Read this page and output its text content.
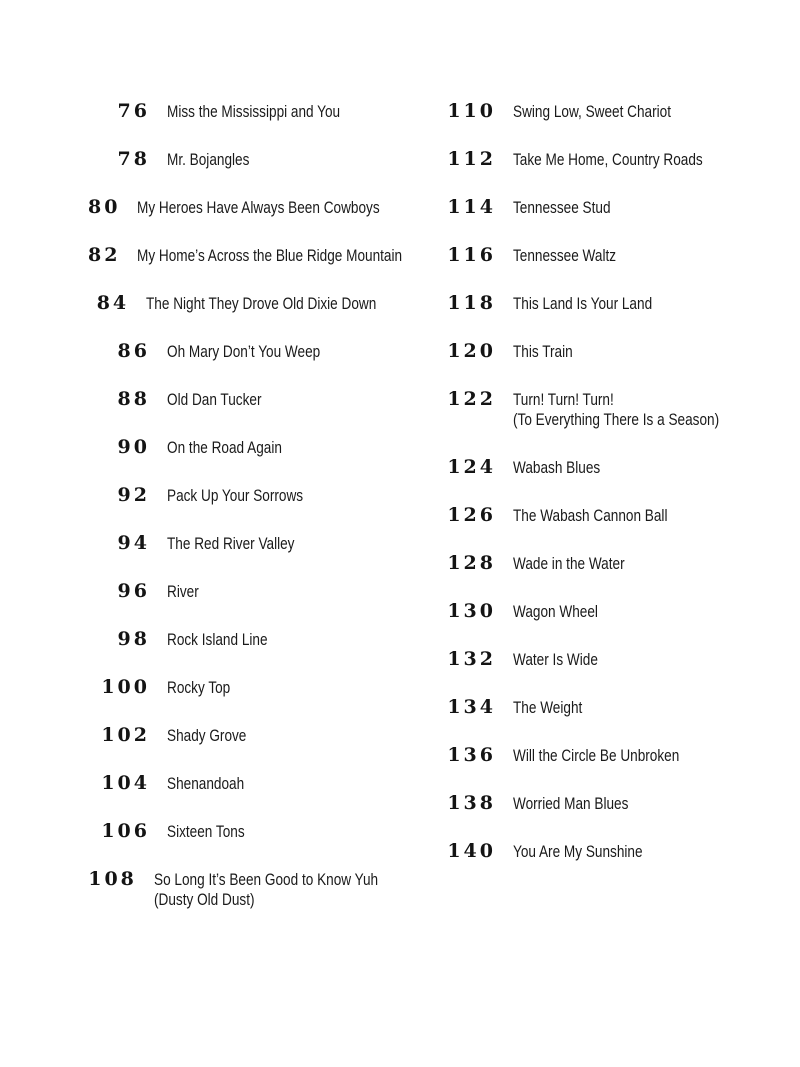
76 Miss the Mississippi and You
78 Mr. Bojangles
80 My Heroes Have Always Been Cowboys
82 My Home’s Across the Blue Ridge Mountain
84 The Night They Drove Old Dixie Down
86 Oh Mary Don’t You Weep
88 Old Dan Tucker
90 On the Road Again
92 Pack Up Your Sorrows
94 The Red River Valley
96 River
98 Rock Island Line
100 Rocky Top
102 Shady Grove
104 Shenandoah
106 Sixteen Tons
108 So Long It’s Been Good to Know Yuh
(Dusty Old Dust)
110 Swing Low, Sweet Chariot
112 Take Me Home, Country Roads
114 Tennessee Stud
116 Tennessee Waltz
118 This Land Is Your Land
120 This Train
122 Turn! Turn! Turn!
(To Everything There Is a Season)
124 Wabash Blues
126 The Wabash Cannon Ball
128 Wade in the Water
130 Wagon Wheel
132 Water Is Wide
134 The Weight
136 Will the Circle Be Unbroken
138 Worried Man Blues
140 You Are My Sunshine
